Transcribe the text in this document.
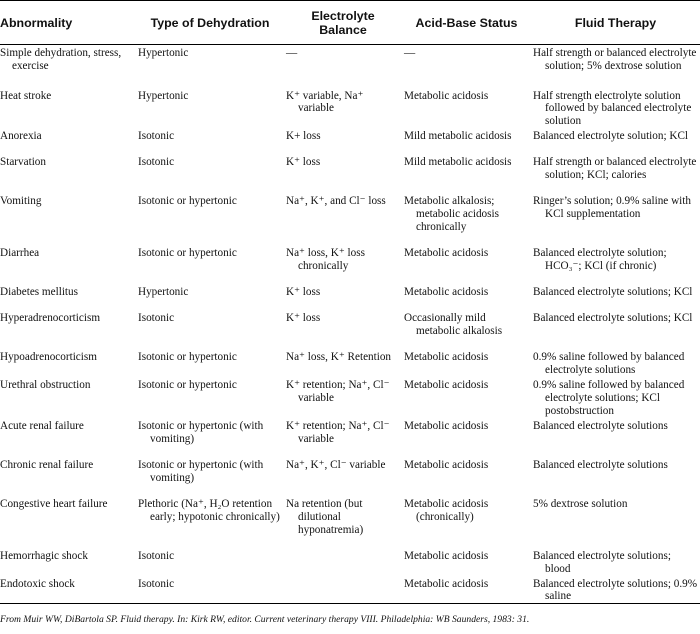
Abnormality	Type of Dehydration	Electrolyte Balance	Acid-Base Status	Fluid Therapy

Simple dehydration, stress, exercise	Hypertonic	—	—	Half strength or balanced electrolyte solution; 5% dextrose solution

Heat stroke	Hypertonic	K⁺ variable, Na⁺ variable	Metabolic acidosis	Half strength electrolyte solution followed by balanced electrolyte solution

Anorexia	Isotonic	K+ loss	Mild metabolic acidosis	Balanced electrolyte solution; KCl

Starvation	Isotonic	K⁺ loss	Mild metabolic acidosis	Half strength or balanced electrolyte solution; KCl; calories

Vomiting	Isotonic or hypertonic	Na⁺, K⁺, and Cl⁻ loss	Metabolic alkalosis; metabolic acidosis chronically	Ringer’s solution; 0.9% saline with KCl supplementation

Diarrhea	Isotonic or hypertonic	Na⁺ loss, K⁺ loss chronically	Metabolic acidosis	Balanced electrolyte solution; HCO₃⁻; KCl (if chronic)

Diabetes mellitus	Hypertonic	K⁺ loss	Metabolic acidosis	Balanced electrolyte solutions; KCl

Hyperadrenocorticism	Isotonic	K⁺ loss	Occasionally mild metabolic alkalosis	Balanced electrolyte solutions; KCl

Hypoadrenocorticism	Isotonic or hypertonic	Na⁺ loss, K⁺ Retention	Metabolic acidosis	0.9% saline followed by balanced electrolyte solutions

Urethral obstruction	Isotonic or hypertonic	K⁺ retention; Na⁺, Cl⁻ variable	Metabolic acidosis	0.9% saline followed by balanced electrolyte solutions; KCl postobstruction

Acute renal failure	Isotonic or hypertonic (with vomiting)	K⁺ retention; Na⁺, Cl⁻ variable	Metabolic acidosis	Balanced electrolyte solutions

Chronic renal failure	Isotonic or hypertonic (with vomiting)	Na⁺, K⁺, Cl⁻ variable	Metabolic acidosis	Balanced electrolyte solutions

Congestive heart failure	Plethoric (Na⁺, H₂O retention early; hypotonic chronically)	Na retention (but dilutional hyponatremia)	Metabolic acidosis (chronically)	5% dextrose solution

Hemorrhagic shock	Isotonic		Metabolic acidosis	Balanced electrolyte solutions; blood

Endotoxic shock	Isotonic		Metabolic acidosis	Balanced electrolyte solutions; 0.9% saline
From Muir WW, DiBartola SP. Fluid therapy. In: Kirk RW, editor. Current veterinary therapy VIII. Philadelphia: WB Saunders, 1983: 31.
